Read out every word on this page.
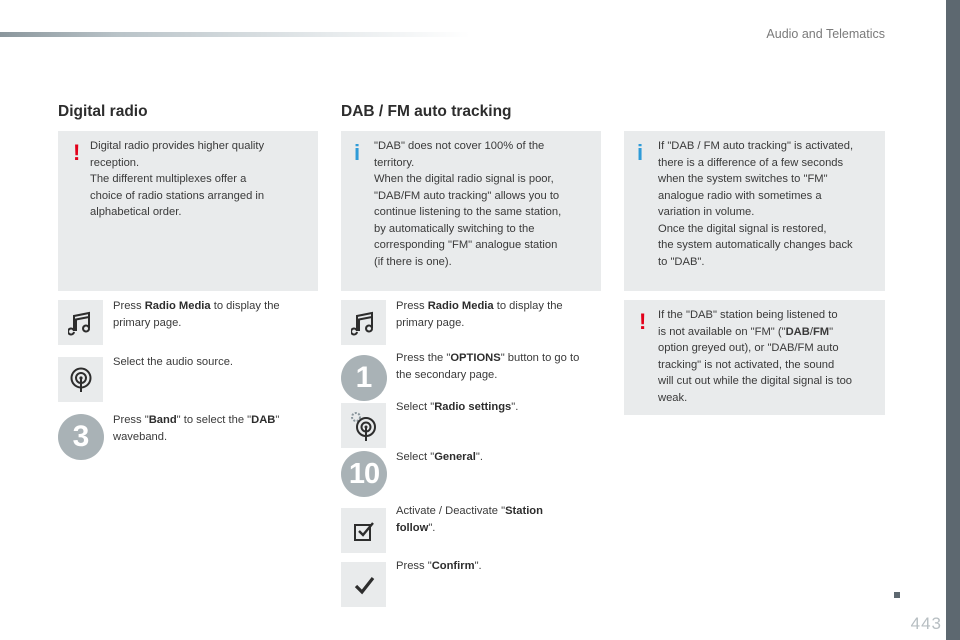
Audio and Telematics
Digital radio
! Digital radio provides higher quality
reception.
The different multiplexes offer a
choice of radio stations arranged in
alphabetical order.
Press Radio Media to display the
primary page.
Select the audio source.
3	Press "Band" to select the "DAB"
waveband.
DAB / FM auto tracking
i "DAB" does not cover 100% of the
territory.
When the digital radio signal is poor,
"DAB/FM auto tracking" allows you to
continue listening to the same station,
by automatically switching to the
corresponding "FM" analogue station
(if there is one).
Press Radio Media to display the
primary page.
1
Press the "OPTIONS" button to go to
the secondary page.
Select "Radio settings".
10
Select "General".
Activate / Deactivate "Station
follow".
Press "Confirm".
i If "DAB / FM auto tracking" is activated,
there is a difference of a few seconds
when the system switches to "FM"
analogue radio with sometimes a
variation in volume.
Once the digital signal is restored,
the system automatically changes back
to "DAB".
! If the "DAB" station being listened to
is not available on "FM" ("DAB/FM"
option greyed out), or "DAB/FM auto
tracking" is not activated, the sound
will cut out while the digital signal is too
weak.
443
